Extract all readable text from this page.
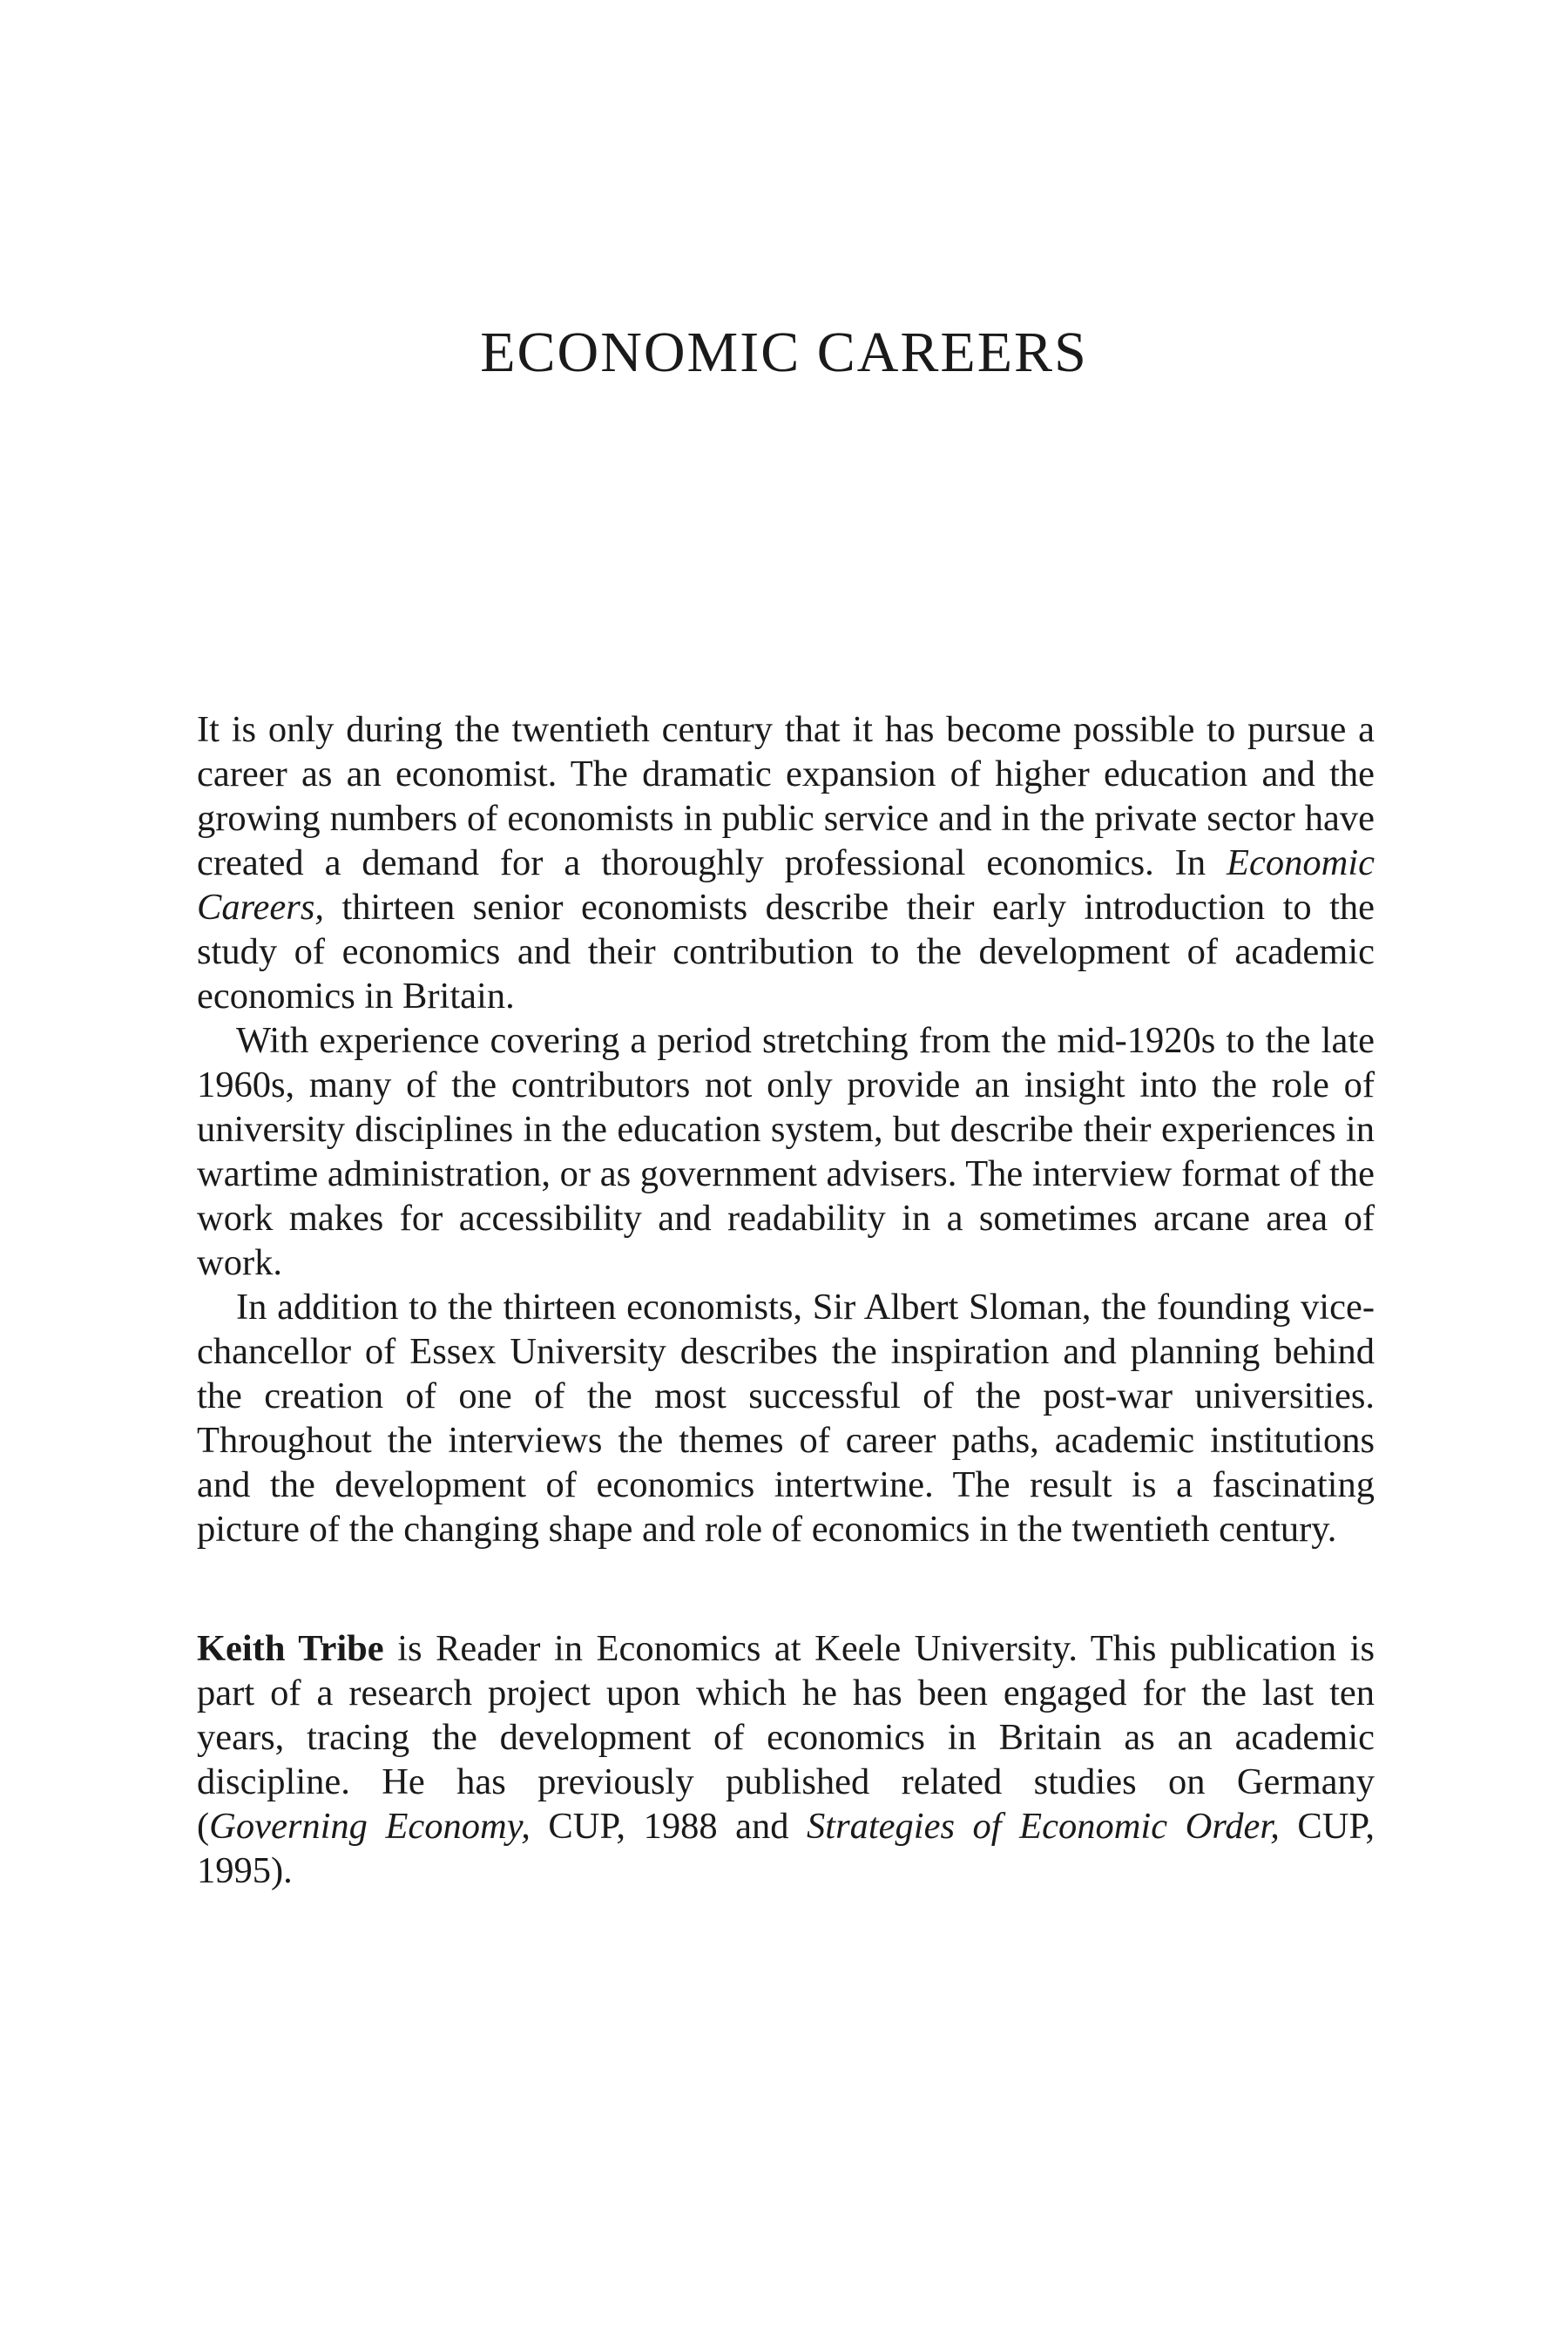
ECONOMIC CAREERS

It is only during the twentieth century that it has become possible to pursue a career as an economist. The dramatic expansion of higher education and the growing numbers of economists in public service and in the private sector have created a demand for a thoroughly professional economics. In Economic Careers, thirteen senior economists describe their early introduction to the study of economics and their contribution to the development of academic economics in Britain.

With experience covering a period stretching from the mid-1920s to the late 1960s, many of the contributors not only provide an insight into the role of university disciplines in the education system, but describe their experiences in wartime administration, or as government advisers. The interview format of the work makes for accessibility and readability in a sometimes arcane area of work.

In addition to the thirteen economists, Sir Albert Sloman, the founding vice-chancellor of Essex University describes the inspiration and planning behind the creation of one of the most successful of the post-war universities. Throughout the interviews the themes of career paths, academic institutions and the development of economics intertwine. The result is a fascinating picture of the changing shape and role of economics in the twentieth century.

Keith Tribe is Reader in Economics at Keele University. This publication is part of a research project upon which he has been engaged for the last ten years, tracing the development of economics in Britain as an academic discipline. He has previously published related studies on Germany (Governing Economy, CUP, 1988 and Strategies of Economic Order, CUP, 1995).
